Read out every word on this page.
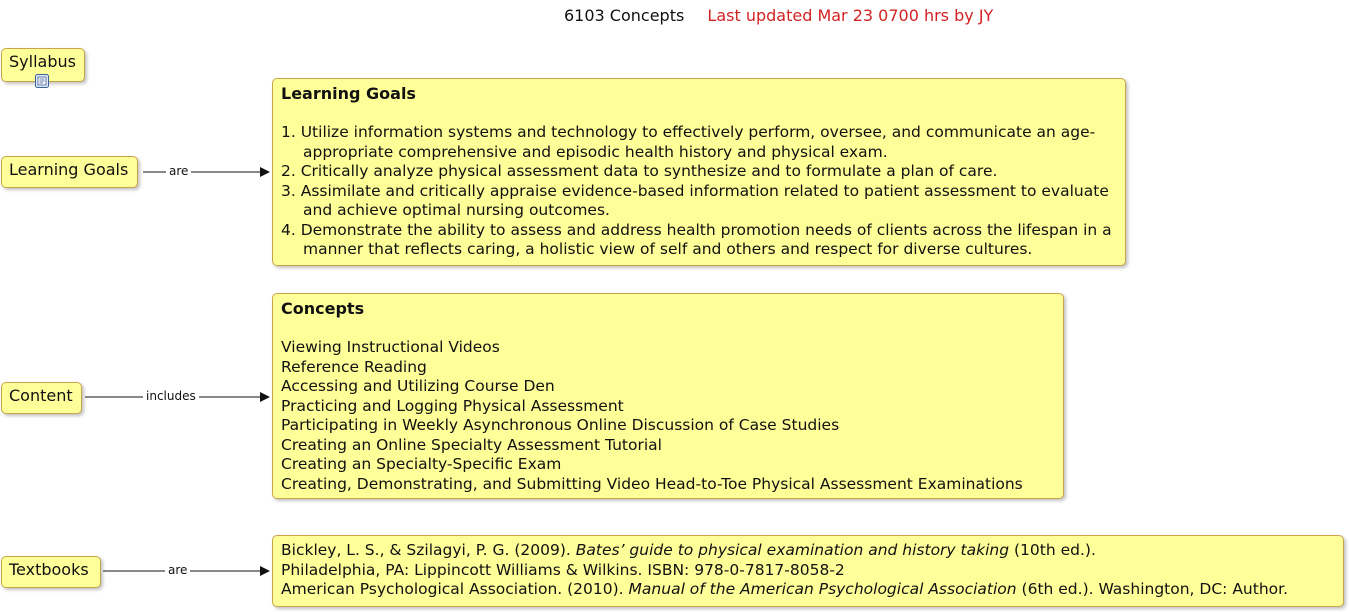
6103 Concepts Last updated Mar 23 0700 hrs by JY
are
includes
are
Syllabus
Learning Goals
Content
Textbooks
Learning Goals
1. Utilize information systems and technology to effectively perform, oversee, and communicate an age-appropriate comprehensive and episodic health history and physical exam.
2. Critically analyze physical assessment data to synthesize and to formulate a plan of care.
3. Assimilate and critically appraise evidence-based information related to patient assessment to evaluate and achieve optimal nursing outcomes.
4. Demonstrate the ability to assess and address health promotion needs of clients across the lifespan in a manner that reflects caring, a holistic view of self and others and respect for diverse cultures.
Concepts
Viewing Instructional Videos
Reference Reading
Accessing and Utilizing Course Den
Practicing and Logging Physical Assessment
Participating in Weekly Asynchronous Online Discussion of Case Studies
Creating an Online Specialty Assessment Tutorial
Creating an Specialty-Specific Exam
Creating, Demonstrating, and Submitting Video Head-to-Toe Physical Assessment Examinations
Bickley, L. S., & Szilagyi, P. G. (2009). Bates’ guide to physical examination and history taking (10th ed.).
Philadelphia, PA: Lippincott Williams & Wilkins. ISBN: 978-0-7817-8058-2
American Psychological Association. (2010). Manual of the American Psychological Association (6th ed.). Washington, DC: Author.
